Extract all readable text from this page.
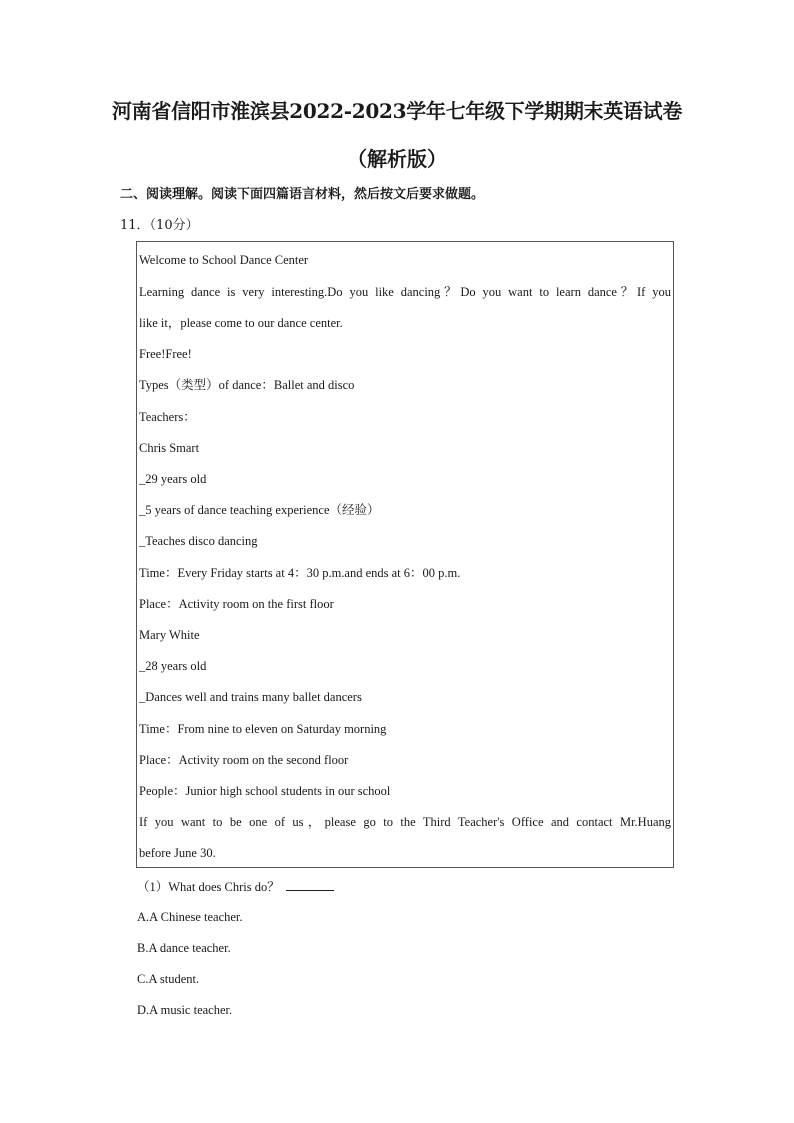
河南省信阳市淮滨县2022-2023学年七年级下学期期末英语试卷
（解析版）
二、阅读理解。阅读下面四篇语言材料，然后按文后要求做题。
11．（10分）
Welcome to School Dance Center
Learning dance is very interesting.Do you like dancing？Do you want to learn dance？If you
like it，please come to our dance center.
Free!Free!
Types（类型）of dance：Ballet and disco
Teachers：
Chris Smart
_29 years old
_5 years of dance teaching experience（经验）
_Teaches disco dancing
Time：Every Friday starts at 4：30 p.m.and ends at 6：00 p.m.
Place：Activity room on the first floor
Mary White
_28 years old
_Dances well and trains many ballet dancers
Time：From nine to eleven on Saturday morning
Place：Activity room on the second floor
People：Junior high school students in our school
If you want to be one of us，please go to the Third Teacher's Office and contact Mr.Huang
before June 30.
（1）What does Chris do？
A.A Chinese teacher.
B.A dance teacher.
C.A student.
D.A music teacher.
